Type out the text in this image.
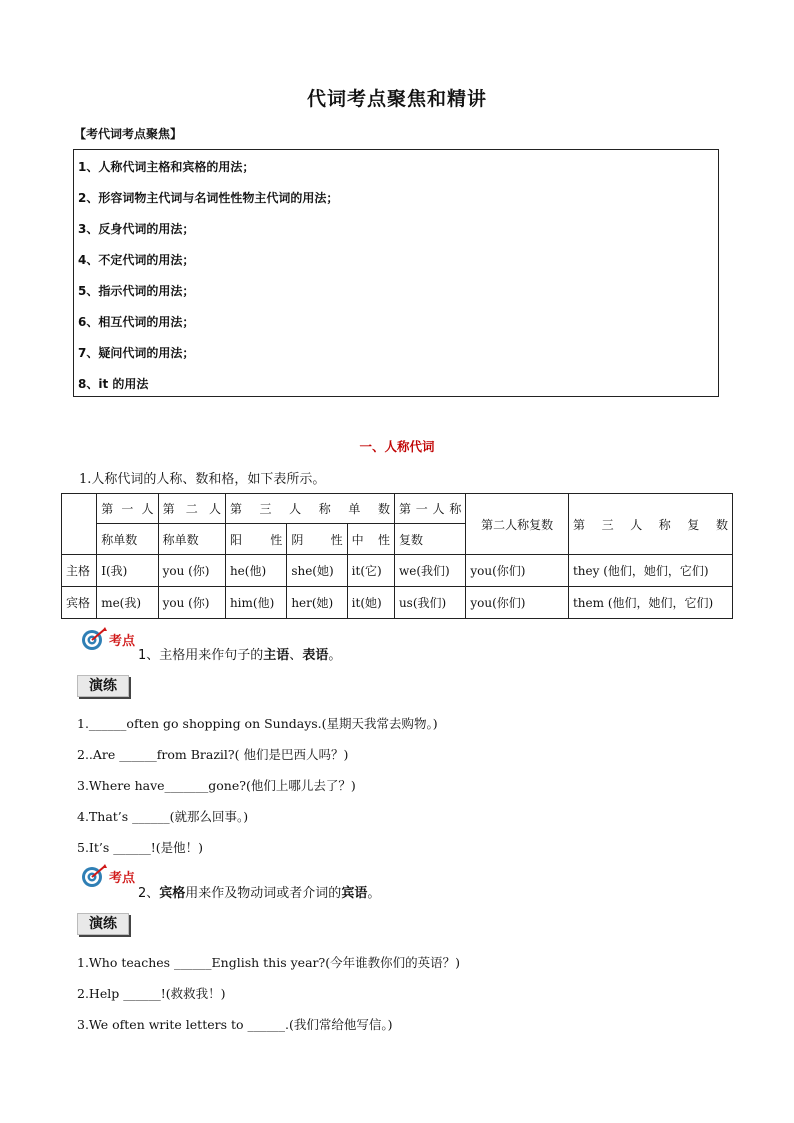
代词考点聚焦和精讲
【考代词考点聚焦】
1、人称代词主格和宾格的用法；
2、形容词物主代词与名词性性物主代词的用法；
3、反身代词的用法；
4、不定代词的用法；
5、指示代词的用法；
6、相互代词的用法；
7、疑问代词的用法；
8、it 的用法
一、人称代词
1.人称代词的人称、数和格，如下表所示。
	第一人	第 二 人	第 三 人 称 单 数			第一人称	第二人称复数	第 三 人 称 复 数
	称单数	称单数	阳 性	阴 性	中 性	复数		
主格	I(我)	you (你)	he(他)	she(她)	it(它)	we(我们)	you(你们)	they (他们，她们，它们)
宾格	me(我)	you (你)	him(他)	her(她)	it(她)	us(我们)	you(你们)	them (他们，她们，它们)
考点
1、主格用来作句子的主语、表语。
演练
1.______often go shopping on Sundays.(星期天我常去购物。)
2..Are ______from Brazil?( 他们是巴西人吗？)
3.Where have_______gone?(他们上哪儿去了？)
4.That’s ______(就那么回事。)
5.It’s ______!(是他！)
考点
2、宾格用来作及物动词或者介词的宾语。
演练
1.Who teaches ______English this year?(今年谁教你们的英语？)
2.Help ______!(救救我！)
3.We often write letters to ______.(我们常给他写信。)
